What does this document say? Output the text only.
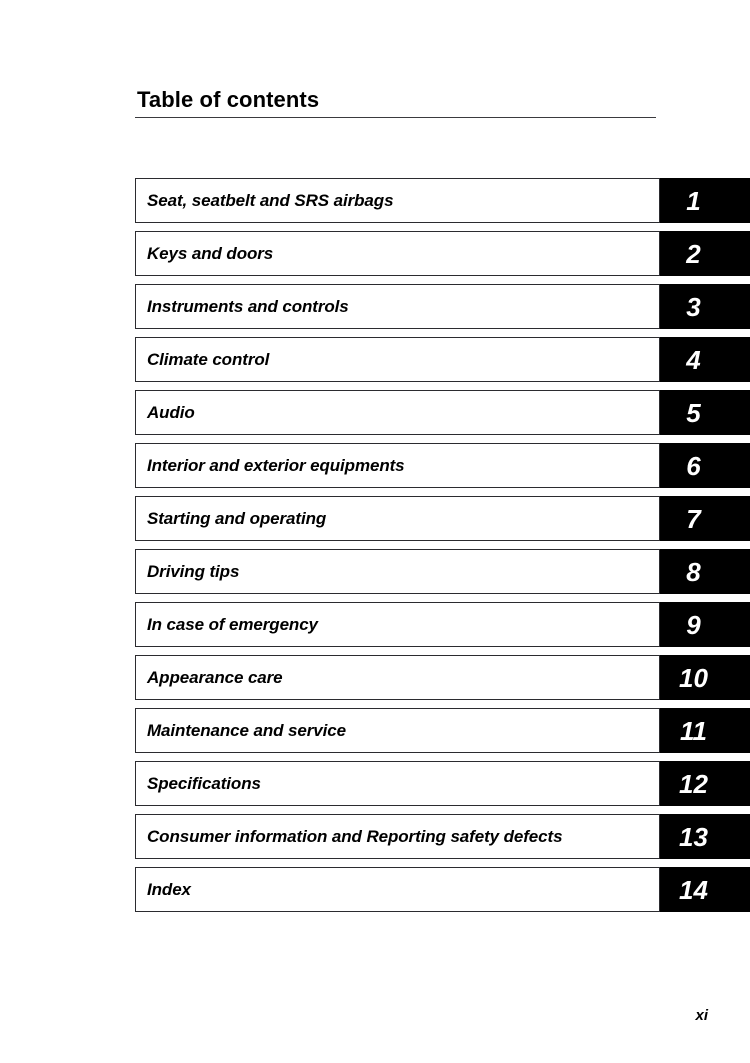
Table of contents
Seat, seatbelt and SRS airbags	1
Keys and doors	2
Instruments and controls	3
Climate control	4
Audio	5
Interior and exterior equipments	6
Starting and operating	7
Driving tips	8
In case of emergency	9
Appearance care	10
Maintenance and service	11
Specifications	12
Consumer information and Reporting safety defects	13
Index	14
xi
